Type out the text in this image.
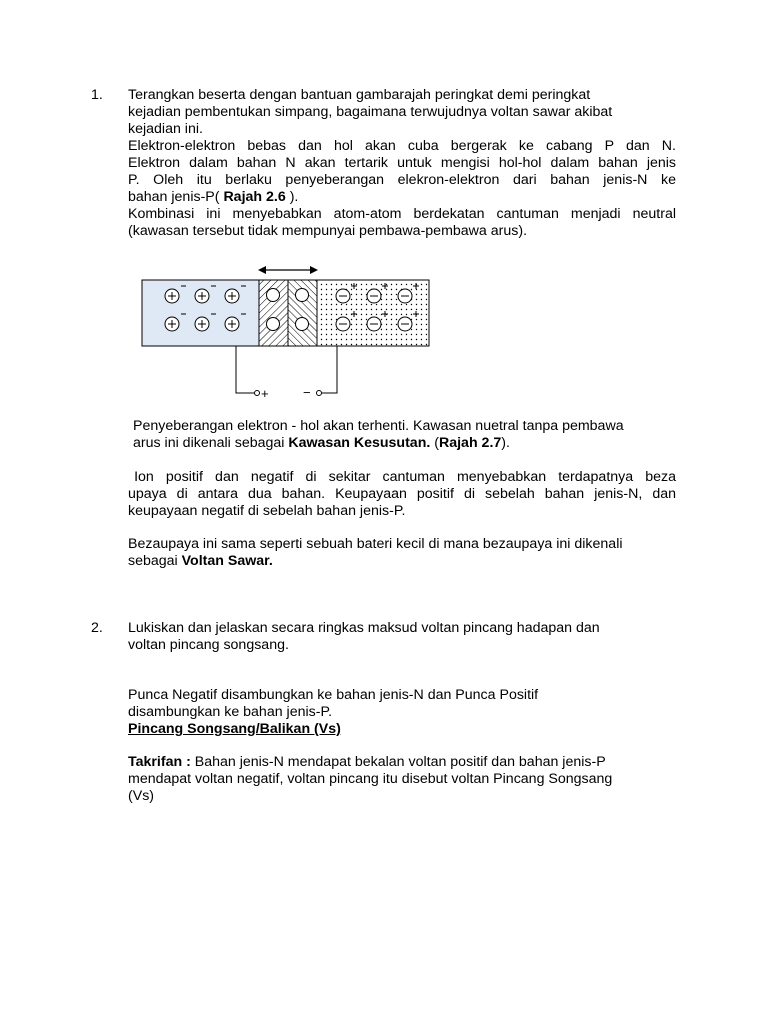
1. Terangkan beserta dengan bantuan gambarajah peringkat demi peringkat
kejadian pembentukan simpang, bagaimana terwujudnya voltan sawar akibat
kejadian ini.
Elektron-elektron bebas dan hol akan cuba bergerak ke cabang P dan N.
Elektron dalam bahan N akan tertarik untuk mengisi hol-hol dalam bahan jenis
P. Oleh itu berlaku penyeberangan elekron-elektron dari bahan jenis-N ke
bahan jenis-P( Rajah 2.6 ).
Kombinasi ini menyebabkan atom-atom berdekatan cantuman menjadi neutral
(kawasan tersebut tidak mempunyai pembawa-pembawa arus).
+	−
Penyeberangan elektron - hol akan terhenti. Kawasan nuetral tanpa pembawa
arus ini dikenali sebagai Kawasan Kesusutan. (Rajah 2.7).
Ion  positif  dan  negatif  di  sekitar  cantuman  menyebabkan  terdapatnya  beza
upaya di antara dua bahan. Keupayaan positif di sebelah bahan jenis-N, dan
keupayaan negatif di sebelah bahan jenis-P.
Bezaupaya ini sama seperti sebuah bateri kecil di mana bezaupaya ini dikenali
sebagai Voltan Sawar.
2. Lukiskan dan jelaskan secara ringkas maksud voltan pincang hadapan dan
voltan pincang songsang.
Punca Negatif disambungkan ke bahan jenis-N dan Punca Positif
disambungkan ke bahan jenis-P.
Pincang Songsang/Balikan (Vs)
Takrifan : Bahan jenis-N mendapat bekalan voltan positif dan bahan jenis-P
mendapat voltan negatif, voltan pincang itu disebut voltan Pincang Songsang
(Vs)
